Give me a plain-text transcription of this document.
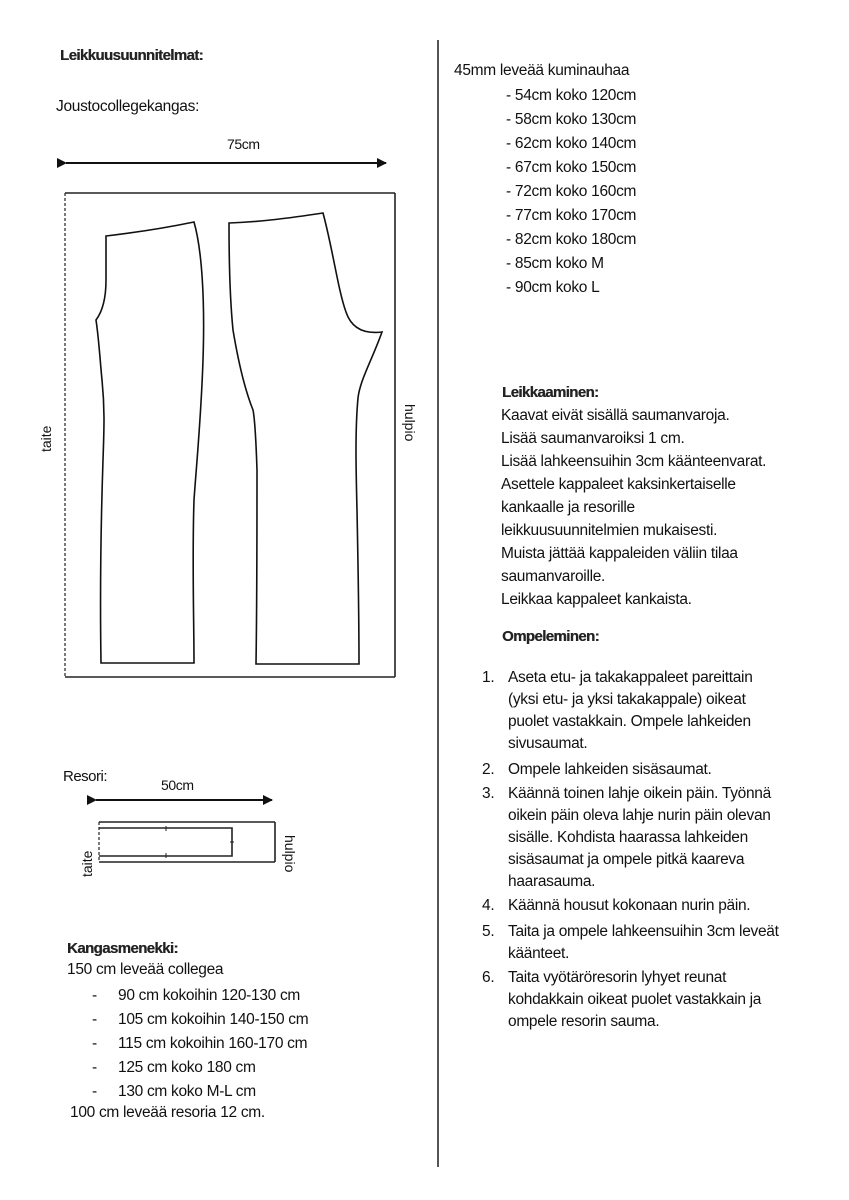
Leikkuusuunnitelmat:
Joustocollegekangas:
75cm
taite	hulpio
Resori:	50cm
taite	hulpio
Kangasmenekki:
150 cm leveää collegea
- 90 cm kokoihin 120-130 cm
- 105 cm kokoihin 140-150 cm
- 115 cm kokoihin 160-170 cm
- 125 cm koko 180 cm
- 130 cm koko M-L cm
100 cm leveää resoria 12 cm.
45mm leveää kuminauhaa
- 54cm koko 120cm
- 58cm koko 130cm
- 62cm koko 140cm
- 67cm koko 150cm
- 72cm koko 160cm
- 77cm koko 170cm
- 82cm koko 180cm
- 85cm koko M
- 90cm koko L
Leikkaaminen:
Kaavat eivät sisällä saumanvaroja.
Lisää saumanvaroiksi 1 cm.
Lisää lahkeensuihin 3cm käänteenvarat.
Asettele kappaleet kaksinkertaiselle
kankaalle ja resorille
leikkuusuunnitelmien mukaisesti.
Muista jättää kappaleiden väliin tilaa
saumanvaroille.
Leikkaa kappaleet kankaista.
Ompeleminen:
1. Aseta etu- ja takakappaleet pareittain (yksi etu- ja yksi takakappale) oikeat puolet vastakkain. Ompele lahkeiden sivusaumat.
2. Ompele lahkeiden sisäsaumat.
3. Käännä toinen lahje oikein päin. Työnnä oikein päin oleva lahje nurin päin olevan sisälle. Kohdista haarassa lahkeiden sisäsaumat ja ompele pitkä kaareva haarasauma.
4. Käännä housut kokonaan nurin päin.
5. Taita ja ompele lahkeensuihin 3cm leveät käänteet.
6. Taita vyötäröresorin lyhyet reunat kohdakkain oikeat puolet vastakkain ja ompele resorin sauma.
